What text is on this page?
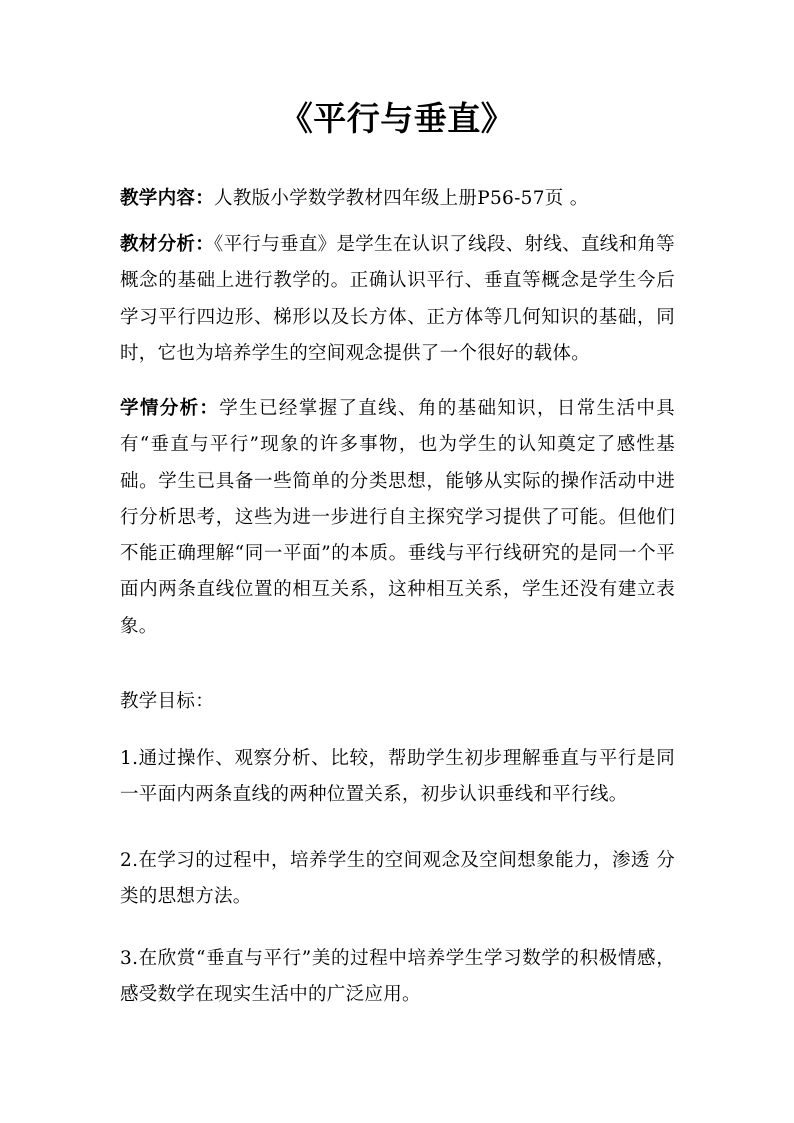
《平行与垂直》

教学内容：人教版小学数学教材四年级上册P56-57页 。

教材分析：《平行与垂直》是学生在认识了线段、射线、直线和角等概念的基础上进行教学的。正确认识平行、垂直等概念是学生今后学习平行四边形、梯形以及长方体、正方体等几何知识的基础，同时，它也为培养学生的空间观念提供了一个很好的载体。

学情分析：学生已经掌握了直线、角的基础知识，日常生活中具有“垂直与平行”现象的许多事物，也为学生的认知奠定了感性基础。学生已具备一些简单的分类思想，能够从实际的操作活动中进行分析思考，这些为进一步进行自主探究学习提供了可能。但他们不能正确理解“同一平面”的本质。垂线与平行线研究的是同一个平面内两条直线位置的相互关系，这种相互关系，学生还没有建立表象。

教学目标：

1.通过操作、观察分析、比较，帮助学生初步理解垂直与平行是同一平面内两条直线的两种位置关系，初步认识垂线和平行线。

2.在学习的过程中，培养学生的空间观念及空间想象能力，渗透 分类的思想方法。

3.在欣赏“垂直与平行”美的过程中培养学生学习数学的积极情感，感受数学在现实生活中的广泛应用。
